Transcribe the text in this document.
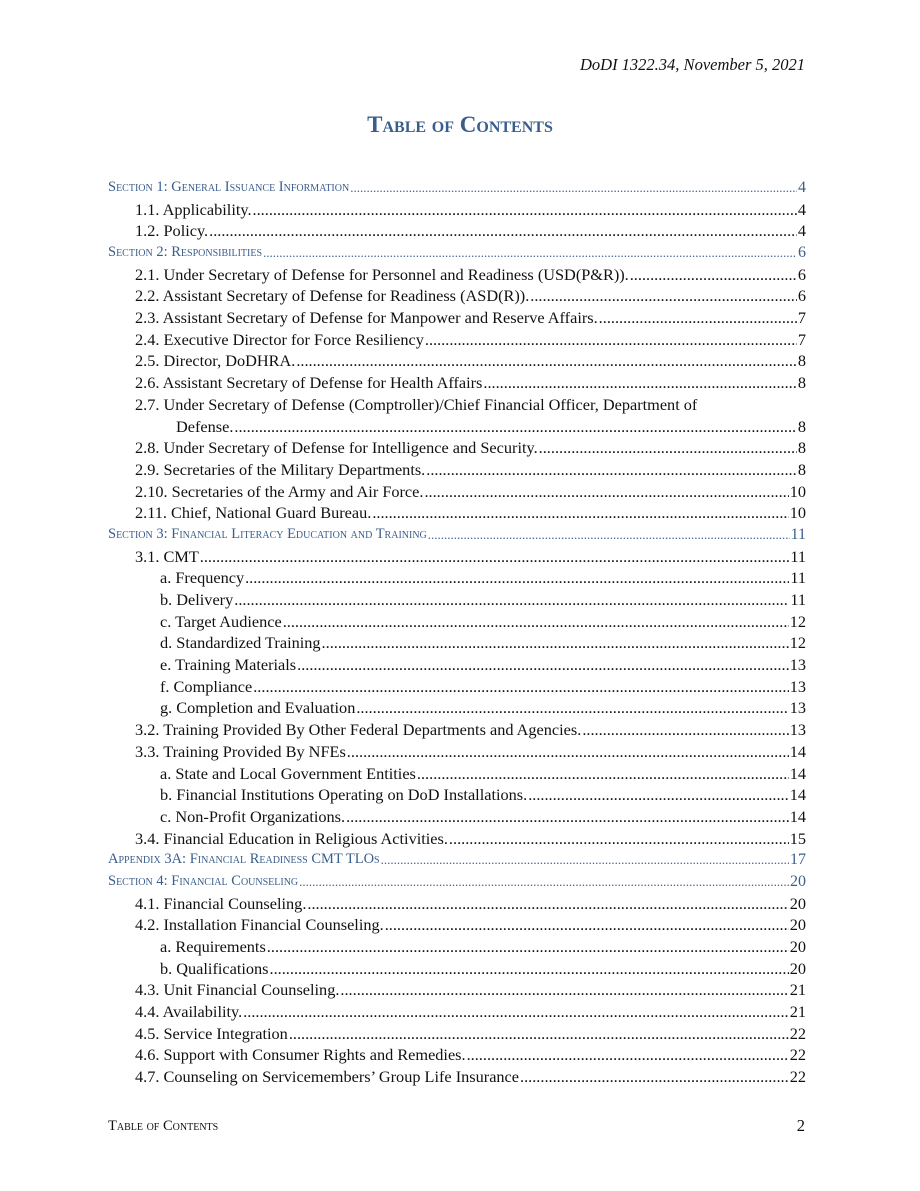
DoDI 1322.34, November 5, 2021
Table of Contents
Section 1: General Issuance Information .....	4
1.1. Applicability. .....	4
1.2. Policy. .....	4
Section 2: Responsibilities .....	6
2.1. Under Secretary of Defense for Personnel and Readiness (USD(P&R)). .....	6
2.2. Assistant Secretary of Defense for Readiness (ASD(R)). .....	6
2.3. Assistant Secretary of Defense for Manpower and Reserve Affairs. .....	7
2.4. Executive Director for Force Resiliency .....	7
2.5. Director, DoDHRA. .....	8
2.6. Assistant Secretary of Defense for Health Affairs .....	8
2.7. Under Secretary of Defense (Comptroller)/Chief Financial Officer, Department of
Defense. .....	8
2.8. Under Secretary of Defense for Intelligence and Security. .....	8
2.9. Secretaries of the Military Departments. .....	8
2.10. Secretaries of the Army and Air Force. .....	10
2.11. Chief, National Guard Bureau. .....	10
Section 3: Financial Literacy Education and Training .....	11
3.1. CMT .....	11
a. Frequency .....	11
b. Delivery .....	11
c. Target Audience .....	12
d. Standardized Training .....	12
e. Training Materials .....	13
f. Compliance .....	13
g. Completion and Evaluation .....	13
3.2. Training Provided By Other Federal Departments and Agencies. .....	13
3.3. Training Provided By NFEs .....	14
a. State and Local Government Entities .....	14
b. Financial Institutions Operating on DoD Installations. .....	14
c. Non-Profit Organizations. .....	14
3.4. Financial Education in Religious Activities. .....	15
Appendix 3A: Financial Readiness CMT TLOs .....	17
Section 4: Financial Counseling .....	20
4.1. Financial Counseling. .....	20
4.2. Installation Financial Counseling. .....	20
a. Requirements .....	20
b. Qualifications .....	20
4.3. Unit Financial Counseling. .....	21
4.4. Availability. .....	21
4.5. Service Integration .....	22
4.6. Support with Consumer Rights and Remedies. .....	22
4.7. Counseling on Servicemembers’ Group Life Insurance .....	22
Table of Contents	2
